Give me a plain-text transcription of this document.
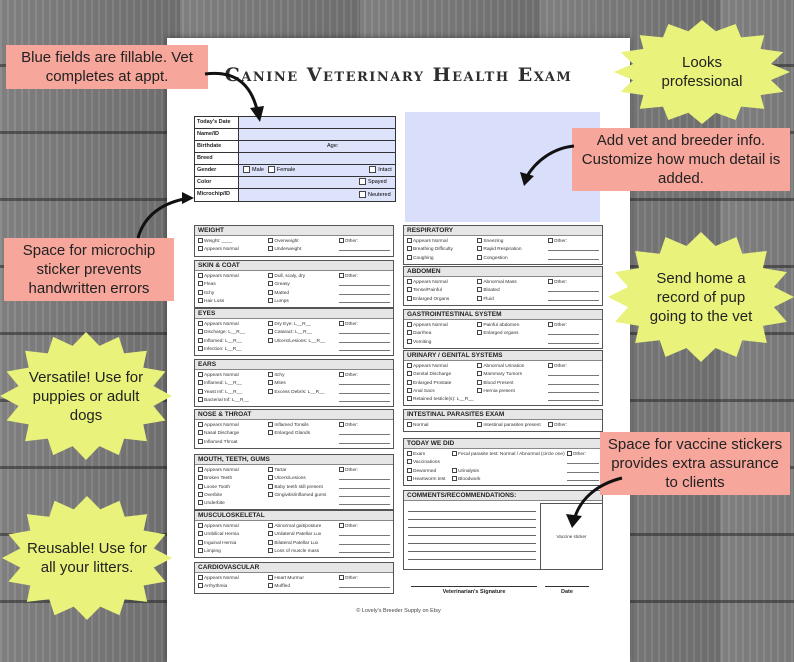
Canine Veterinary Health Exam
Today's Date
Name/ID
Birthdate	Age:
Breed
Gender	Male	Female	Intact
Color	Spayed
Microchip/ID	Neutered
WEIGHT
Weight: ____	Overweight	Other:
Appears Normal	Underweight
SKIN & COAT
Appears Normal	Dull, scaly, dry	Other:
Fleas	Greasy
Itchy	Matted
Hair Loss	Lumps
EYES
Appears Normal	Dry Eye: L__R__	Other:
Discharge: L__R__	Cataract: L__R__
Inflamed: L__R__	Ulcers/Lesions: L__R__
Infection: L__R__
EARS
Appears Normal	Itchy	Other:
Inflamed: L__R__	Mites
Yeast Inf: L__R__	Excess Debris: L__R__
Bacterial Inf: L__R__
NOSE & THROAT
Appears Normal	Inflamed Tonsils	Other:
Nasal Discharge	Enlarged Glands
Inflamed Throat
MOUTH, TEETH, GUMS
Appears Normal	Tartar	Other:
Broken Teeth	Ulcers/Lesions
Loose Tooth	Baby teeth still present
Overbite	Gingivitis/inflamed gums
Underbite
MUSCULOSKELETAL
Appears Normal	Abnormal gait/posture	Other:
Umbilical Hernia	Unilateral Patellar Lux
Inguinal Hernia	Bilateral Patellar Lux
Limping	Loss of muscle mass
CARDIOVASCULAR
Appears Normal	Heart Murmur	Other:
Arrhythmia	Muffled
RESPIRATORY
Appears Normal	Sneezing	Other:
Breathing Difficulty	Rapid Respiration
Coughing	Congestion
ABDOMEN
Appears Normal	Abnormal Mass	Other:
Tense/Painful	Bloated
Enlarged Organs	Fluid
GASTROINTESTINAL SYSTEM
Appears Normal	Painful abdomen	Other:
Diarrhea	Enlarged organs
Vomiting
URINARY / GENITAL SYSTEMS
Appears Normal	Abnormal Urination	Other:
Genital Discharge	Mammary Tumors
Enlarged Prostate	Blood Present
Anal Sacs	Hernia present
Retained testicle(s): L__R__
INTESTINAL PARASITES EXAM
Normal	Intestinal parasites present	Other:
TODAY WE DID
Exam	Fecal parasite test: Normal / Abnormal (circle one)	Other:
Vaccinations
Dewormed	Urinalysis
Heartworm test	Bloodwork
COMMENTS/RECOMMENDATIONS:
Vaccine sticker
Veterinarian's Signature	Date
© Lovely's Breeder Supply on Etsy
Blue fields are fillable. Vet completes at appt.
Space for microchip sticker prevents handwritten errors
Add vet and breeder info. Customize how much detail is added.
Space for vaccine stickers provides extra assurance to clients
Looks professional
Send home a record of pup going to the vet
Versatile! Use for puppies or adult dogs
Reusable! Use for all your litters.
